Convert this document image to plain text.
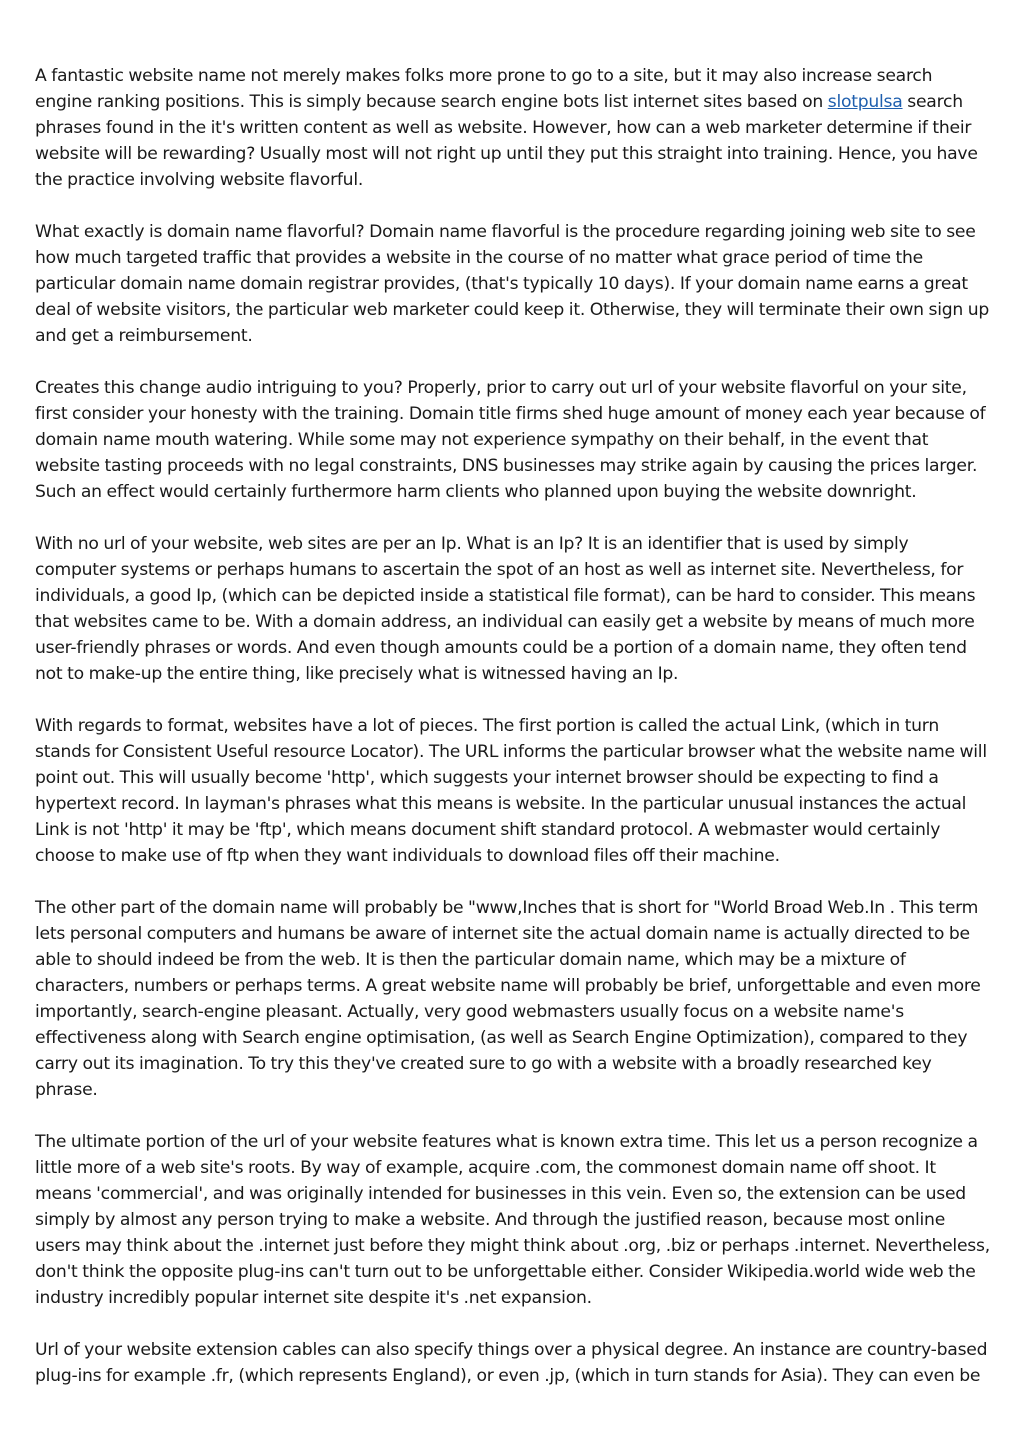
A fantastic website name not merely makes folks more prone to go to a site, but it may also increase search engine ranking positions. This is simply because search engine bots list internet sites based on slotpulsa search phrases found in the it's written content as well as website. However, how can a web marketer determine if their website will be rewarding? Usually most will not right up until they put this straight into training. Hence, you have the practice involving website flavorful.

What exactly is domain name flavorful? Domain name flavorful is the procedure regarding joining web site to see how much targeted traffic that provides a website in the course of no matter what grace period of time the particular domain name domain registrar provides, (that's typically 10 days). If your domain name earns a great deal of website visitors, the particular web marketer could keep it. Otherwise, they will terminate their own sign up and get a reimbursement.

Creates this change audio intriguing to you? Properly, prior to carry out url of your website flavorful on your site, first consider your honesty with the training. Domain title firms shed huge amount of money each year because of domain name mouth watering. While some may not experience sympathy on their behalf, in the event that website tasting proceeds with no legal constraints, DNS businesses may strike again by causing the prices larger. Such an effect would certainly furthermore harm clients who planned upon buying the website downright.

With no url of your website, web sites are per an Ip. What is an Ip? It is an identifier that is used by simply computer systems or perhaps humans to ascertain the spot of an host as well as internet site. Nevertheless, for individuals, a good Ip, (which can be depicted inside a statistical file format), can be hard to consider. This means that websites came to be. With a domain address, an individual can easily get a website by means of much more user-friendly phrases or words. And even though amounts could be a portion of a domain name, they often tend not to make-up the entire thing, like precisely what is witnessed having an Ip.

With regards to format, websites have a lot of pieces. The first portion is called the actual Link, (which in turn stands for Consistent Useful resource Locator). The URL informs the particular browser what the website name will point out. This will usually become 'http', which suggests your internet browser should be expecting to find a hypertext record. In layman's phrases what this means is website. In the particular unusual instances the actual Link is not 'http' it may be 'ftp', which means document shift standard protocol. A webmaster would certainly choose to make use of ftp when they want individuals to download files off their machine.

The other part of the domain name will probably be "www,Inches that is short for "World Broad Web.In . This term lets personal computers and humans be aware of internet site the actual domain name is actually directed to be able to should indeed be from the web. It is then the particular domain name, which may be a mixture of characters, numbers or perhaps terms. A great website name will probably be brief, unforgettable and even more importantly, search-engine pleasant. Actually, very good webmasters usually focus on a website name's effectiveness along with Search engine optimisation, (as well as Search Engine Optimization), compared to they carry out its imagination. To try this they've created sure to go with a website with a broadly researched key phrase.

The ultimate portion of the url of your website features what is known extra time. This let us a person recognize a little more of a web site's roots. By way of example, acquire .com, the commonest domain name off shoot. It means 'commercial', and was originally intended for businesses in this vein. Even so, the extension can be used simply by almost any person trying to make a website. And through the justified reason, because most online users may think about the .internet just before they might think about .org, .biz or perhaps .internet. Nevertheless, don't think the opposite plug-ins can't turn out to be unforgettable either. Consider Wikipedia.world wide web the industry incredibly popular internet site despite it's .net expansion.

Url of your website extension cables can also specify things over a physical degree. An instance are country-based plug-ins for example .fr, (which represents England), or even .jp, (which in turn stands for Asia). They can even be
